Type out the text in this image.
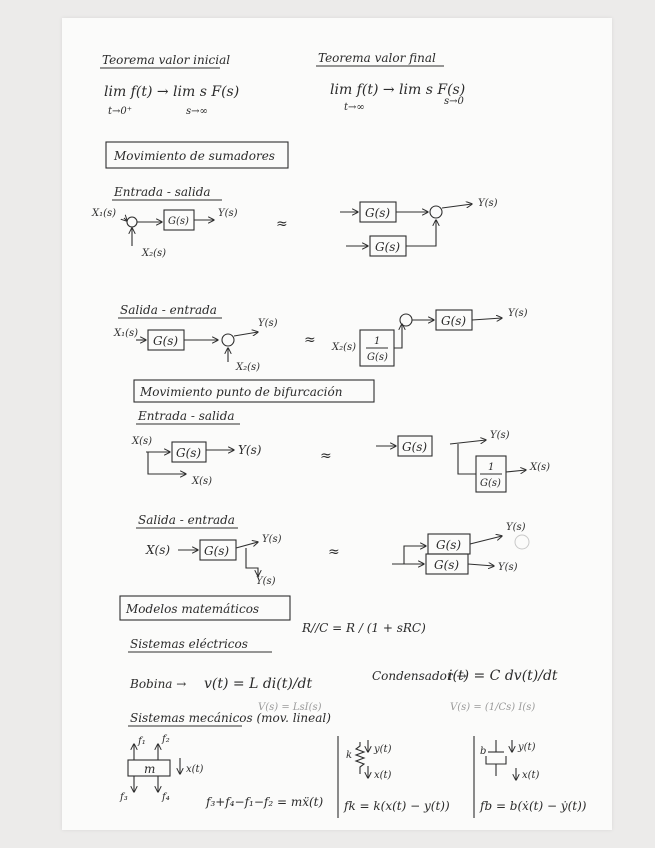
Teorema valor inicial
lim f(t) → lim s F(s)
t→0⁺	s→∞
Teorema valor final
lim f(t) → lim s F(s)
t→∞
s→0
Movimiento de sumadores
Entrada - salida
X₁(s)
X₂(s)
G(s)
Y(s)
≈
G(s)
Y(s)
G(s)
Salida - entrada
X₁(s)
G(s)
Y(s)
X₂(s)
≈ X₂(s)
1
G(s)
G(s)
Y(s)
Movimiento punto de bifurcación
Entrada - salida
X(s)
G(s)	Y(s)
X(s)
≈
G(s)
Y(s)
1
G(s)
X(s)
Salida - entrada
X(s)	G(s)
Y(s)
Y(s)
≈	G(s)
Y(s)
G(s)	Y(s)
Modelos matemáticos
Sistemas eléctricos
R//C = R / (1 + sRC)
Bobina → v(t) = L di(t)/dt
V(s) = LsI(s)
Condensador →
i(t) = C dv(t)/dt
V(s) = (1/Cs) I(s)
Sistemas mecánicos (mov. lineal)
m
f₁ f₂
f₃	f₄
x(t)
f₃+f₄−f₁−f₂ = mẍ(t)
k
y(t)
x(t)
fk = k(x(t) − y(t))
b	y(t)
x(t)
fb = b(ẋ(t) − ẏ(t))
